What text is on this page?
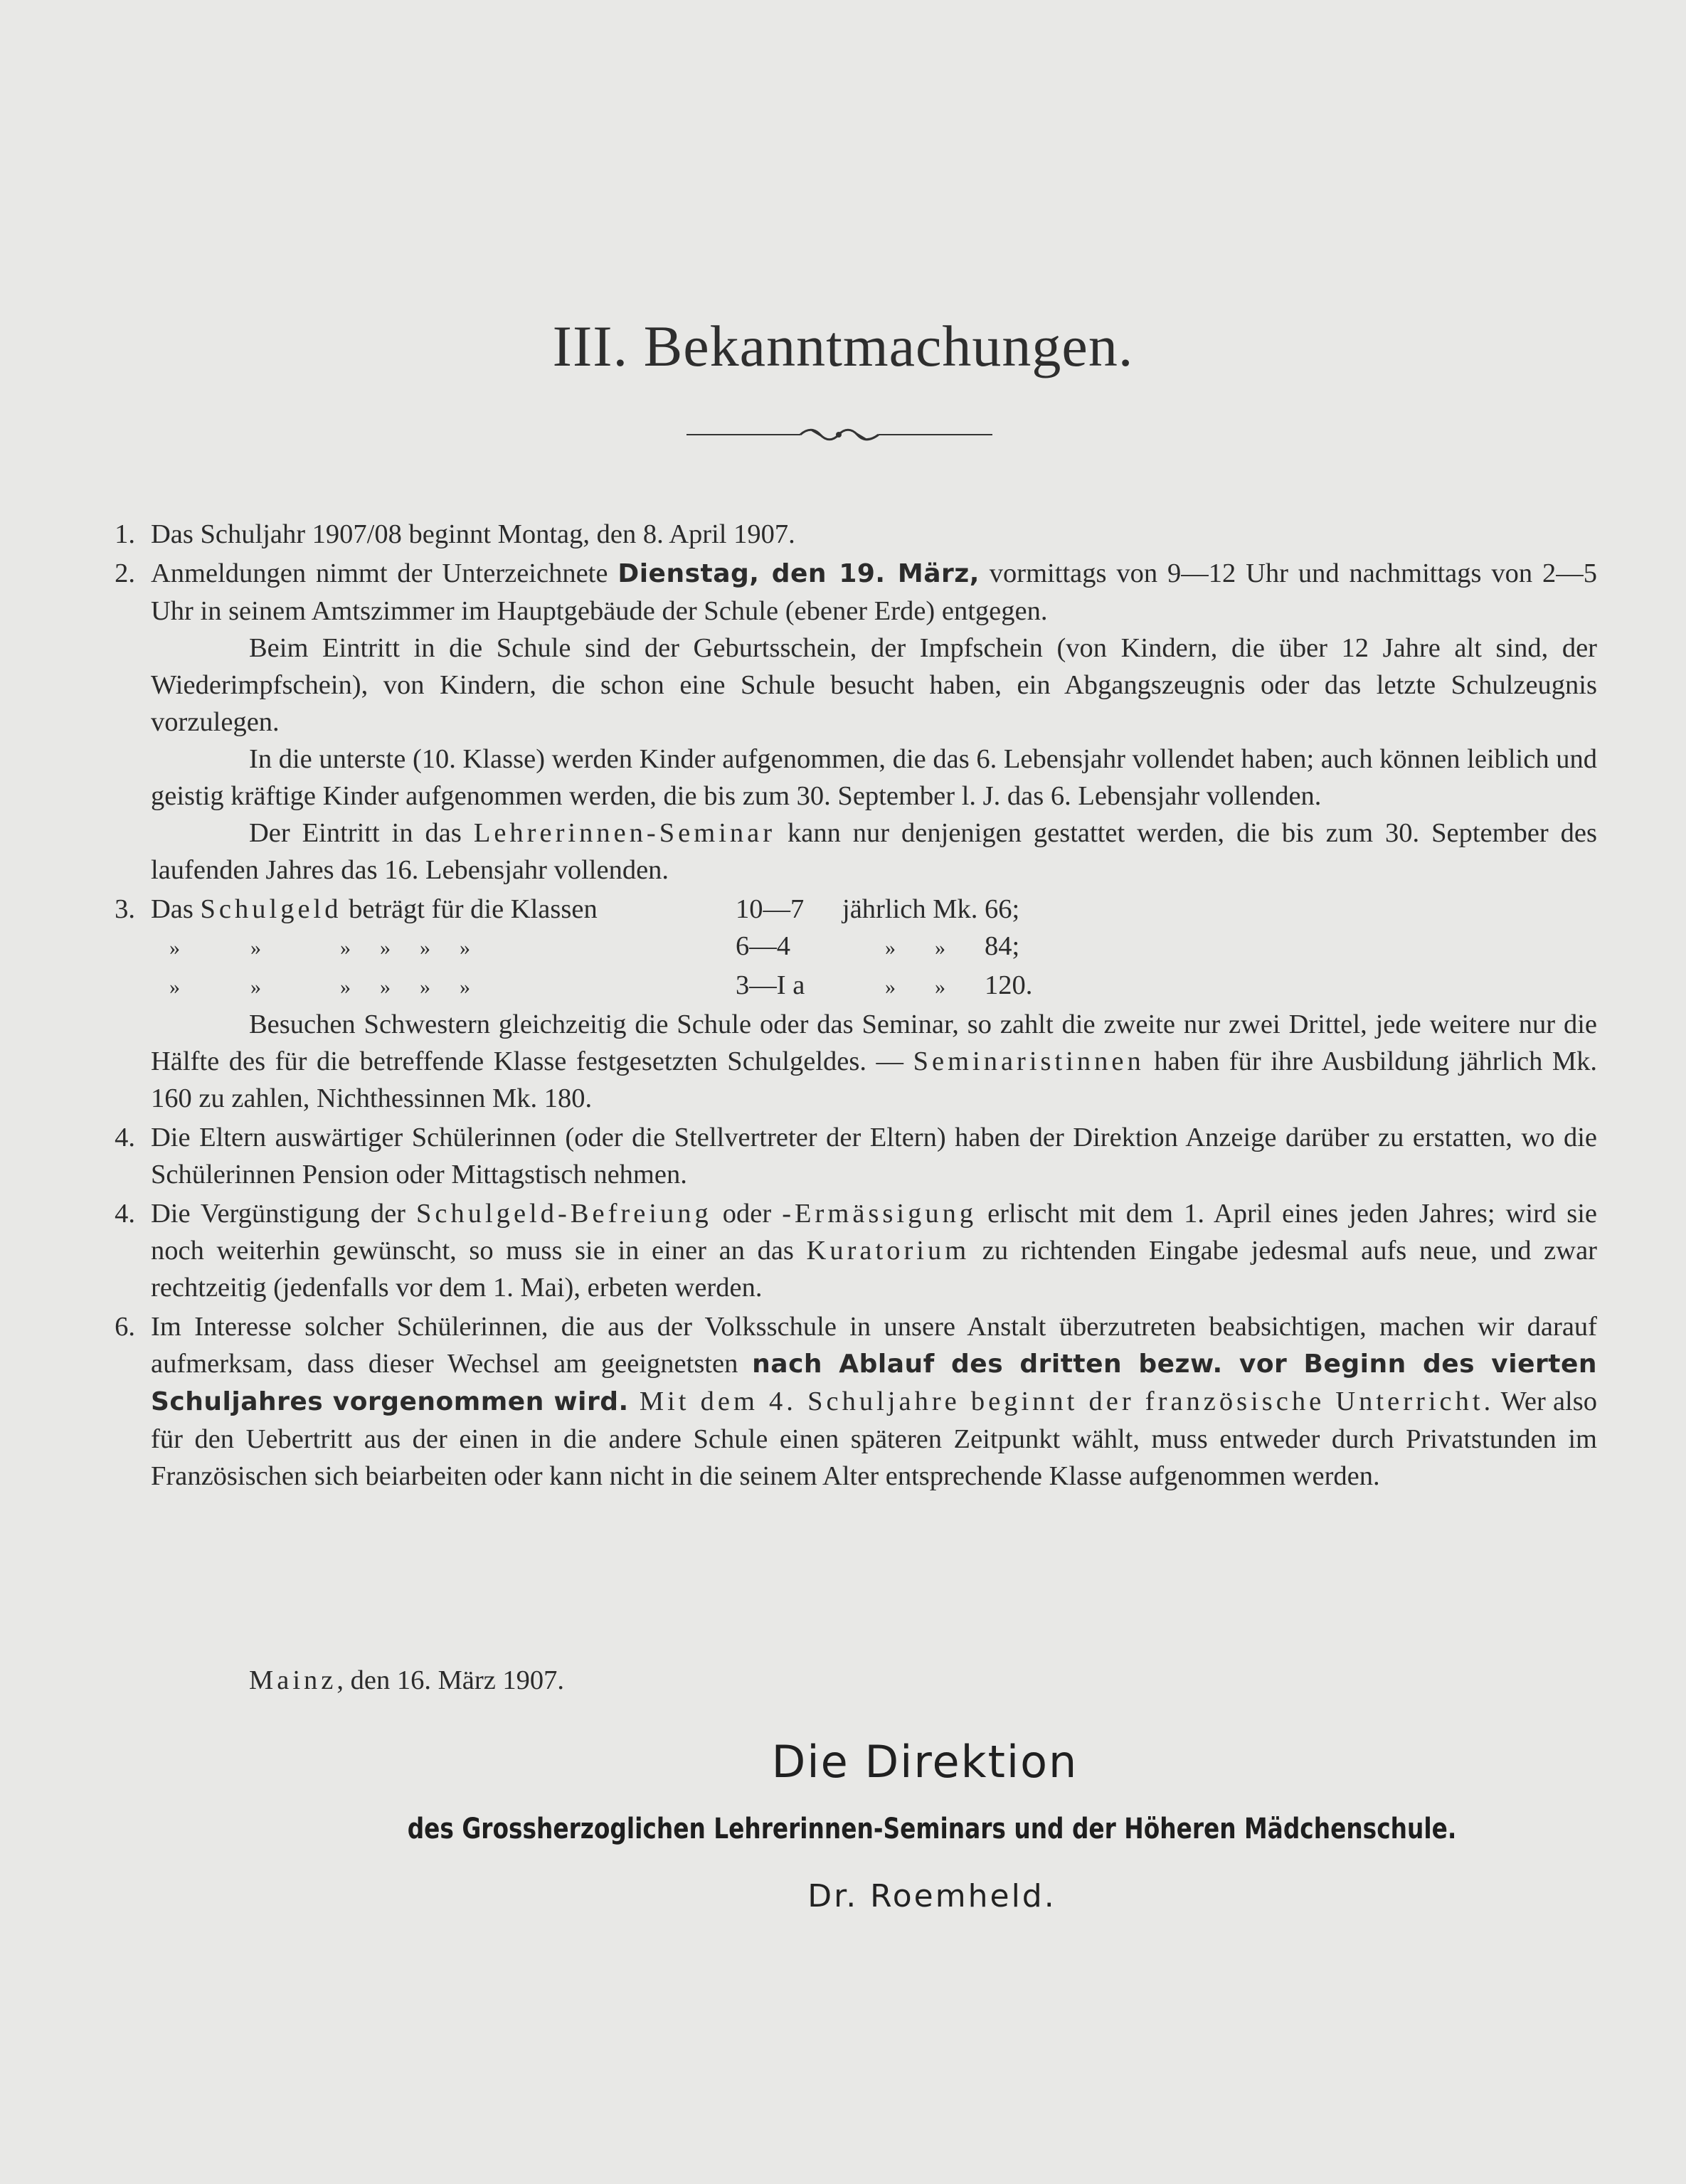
III. Bekanntmachungen.
1. Das Schuljahr 1907/08 beginnt Montag, den 8. April 1907.

2. Anmeldungen nimmt der Unterzeichnete Dienstag, den 19. März, vormittags von 9—12 Uhr und nachmittags von 2—5 Uhr in seinem Amtszimmer im Hauptgebäude der Schule (ebener Erde) entgegen.

Beim Eintritt in die Schule sind der Geburtsschein, der Impfschein (von Kindern, die über 12 Jahre alt sind, der Wiederimpfschein), von Kindern, die schon eine Schule besucht haben, ein Abgangszeugnis oder das letzte Schulzeugnis vorzulegen.

In die unterste (10. Klasse) werden Kinder aufgenommen, die das 6. Lebensjahr vollendet haben; auch können leiblich und geistig kräftige Kinder aufgenommen werden, die bis zum 30. September l. J. das 6. Lebensjahr vollenden.

Der Eintritt in das Lehrerinnen-Seminar kann nur denjenigen gestattet werden, die bis zum 30. September des laufenden Jahres das 16. Lebensjahr vollenden.

3. Das Schulgeld beträgt für die Klassen	10—7	jährlich Mk.	66;
» » » » » »	6—4	» »	84;
» » » » » »	3—I a	» »	120.

Besuchen Schwestern gleichzeitig die Schule oder das Seminar, so zahlt die zweite nur zwei Drittel, jede weitere nur die Hälfte des für die betreffende Klasse festgesetzten Schulgeldes. — Seminaristinnen haben für ihre Ausbildung jährlich Mk. 160 zu zahlen, Nichthessinnen Mk. 180.

4. Die Eltern auswärtiger Schülerinnen (oder die Stellvertreter der Eltern) haben der Direktion Anzeige darüber zu erstatten, wo die Schülerinnen Pension oder Mittagstisch nehmen.

4. Die Vergünstigung der Schulgeld-Befreiung oder -Ermässigung erlischt mit dem 1. April eines jeden Jahres; wird sie noch weiterhin gewünscht, so muss sie in einer an das Kuratorium zu richtenden Eingabe jedesmal aufs neue, und zwar rechtzeitig (jedenfalls vor dem 1. Mai), erbeten werden.

6. Im Interesse solcher Schülerinnen, die aus der Volksschule in unsere Anstalt überzutreten beabsichtigen, machen wir darauf aufmerksam, dass dieser Wechsel am geeignetsten nach Ablauf des dritten bezw. vor Beginn des vierten Schuljahres vorgenommen wird. Mit dem 4. Schuljahre beginnt der französische Unterricht. Wer also für den Uebertritt aus der einen in die andere Schule einen späteren Zeitpunkt wählt, muss entweder durch Privatstunden im Französischen sich beiarbeiten oder kann nicht in die seinem Alter entsprechende Klasse aufgenommen werden.

Mainz, den 16. März 1907.
Die Direktion
des Grossherzoglichen Lehrerinnen-Seminars und der Höheren Mädchenschule.
Dr. Roemheld.
